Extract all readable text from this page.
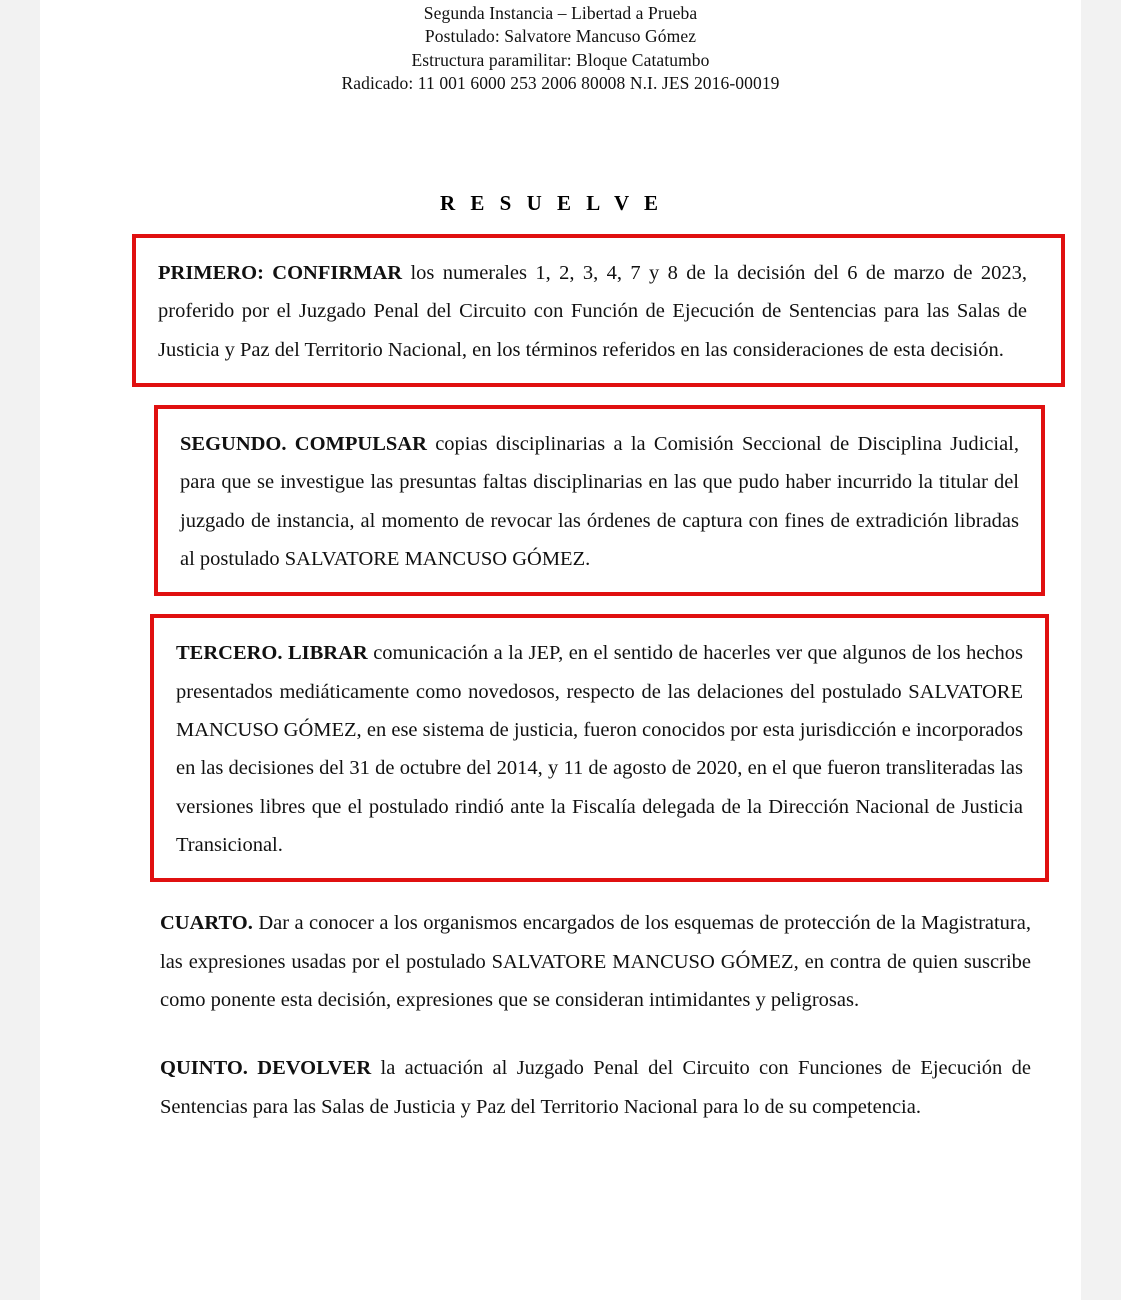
Segunda Instancia – Libertad a Prueba
Postulado: Salvatore Mancuso Gómez
Estructura paramilitar: Bloque Catatumbo
Radicado: 11 001 6000 253 2006 80008 N.I. JES 2016-00019
R E S U E L V E

PRIMERO: CONFIRMAR los numerales 1, 2, 3, 4, 7 y 8 de la decisión del 6 de marzo de 2023, proferido por el Juzgado Penal del Circuito con Función de Ejecución de Sentencias para las Salas de Justicia y Paz del Territorio Nacional, en los términos referidos en las consideraciones de esta decisión.

SEGUNDO. COMPULSAR copias disciplinarias a la Comisión Seccional de Disciplina Judicial, para que se investigue las presuntas faltas disciplinarias en las que pudo haber incurrido la titular del juzgado de instancia, al momento de revocar las órdenes de captura con fines de extradición libradas al postulado SALVATORE MANCUSO GÓMEZ.

TERCERO. LIBRAR comunicación a la JEP, en el sentido de hacerles ver que algunos de los hechos presentados mediáticamente como novedosos, respecto de las delaciones del postulado SALVATORE MANCUSO GÓMEZ, en ese sistema de justicia, fueron conocidos por esta jurisdicción e incorporados en las decisiones del 31 de octubre del 2014, y 11 de agosto de 2020, en el que fueron transliteradas las versiones libres que el postulado rindió ante la Fiscalía delegada de la Dirección Nacional de Justicia Transicional.

CUARTO. Dar a conocer a los organismos encargados de los esquemas de protección de la Magistratura, las expresiones usadas por el postulado SALVATORE MANCUSO GÓMEZ, en contra de quien suscribe como ponente esta decisión, expresiones que se consideran intimidantes y peligrosas.

QUINTO. DEVOLVER la actuación al Juzgado Penal del Circuito con Funciones de Ejecución de Sentencias para las Salas de Justicia y Paz del Territorio Nacional para lo de su competencia.
